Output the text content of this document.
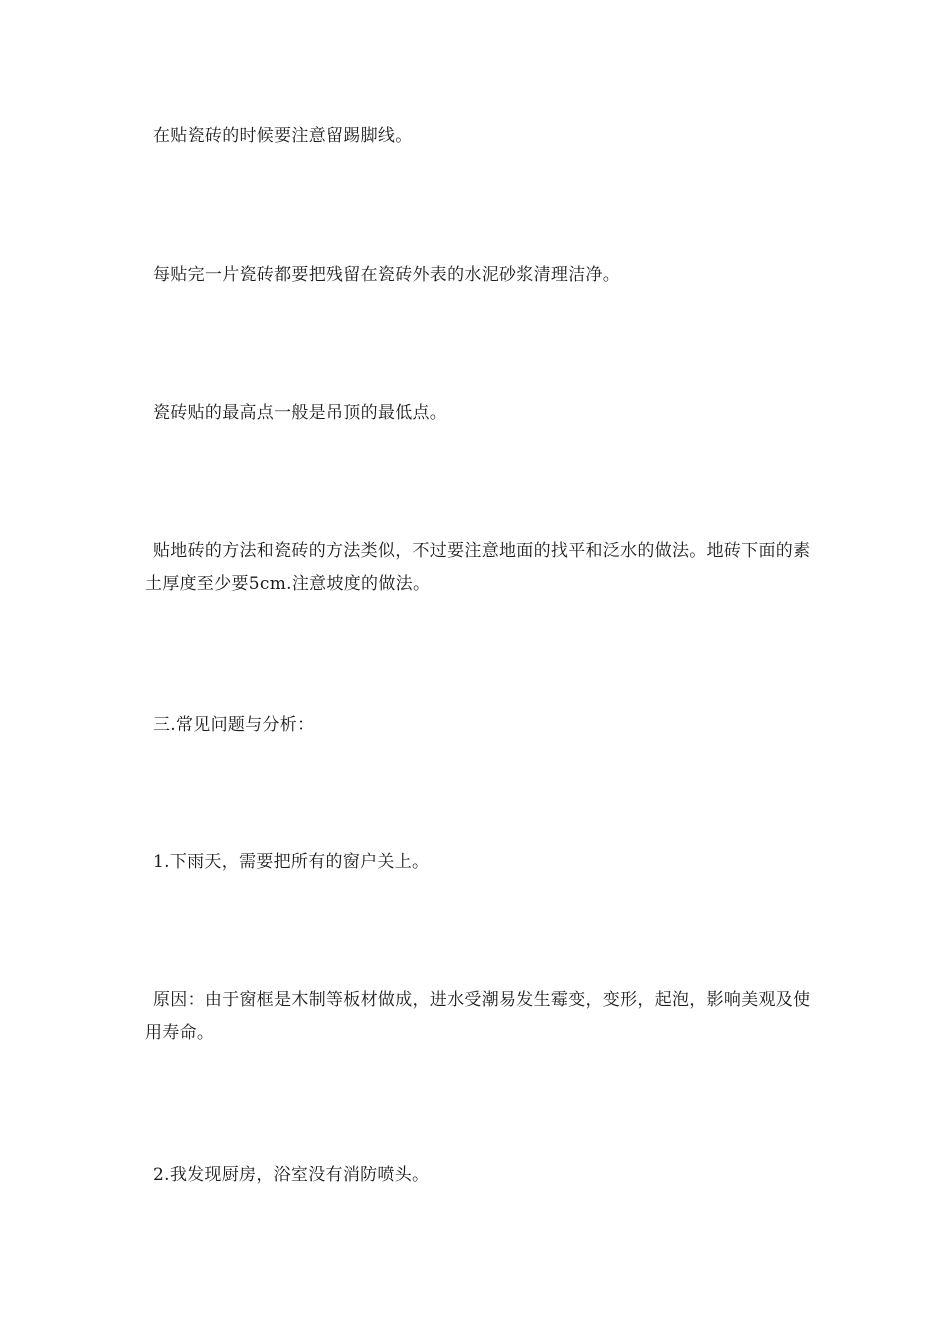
在贴瓷砖的时候要注意留踢脚线。

每贴完一片瓷砖都要把残留在瓷砖外表的水泥砂浆清理洁净。

瓷砖贴的最高点一般是吊顶的最低点。

贴地砖的方法和瓷砖的方法类似，不过要注意地面的找平和泛水的做法。地砖下面的素土厚度至少要5cm.注意坡度的做法。

三.常见问题与分析：

1.下雨天，需要把所有的窗户关上。

原因：由于窗框是木制等板材做成，进水受潮易发生霉变，变形，起泡，影响美观及使用寿命。

2.我发现厨房，浴室没有消防喷头。
